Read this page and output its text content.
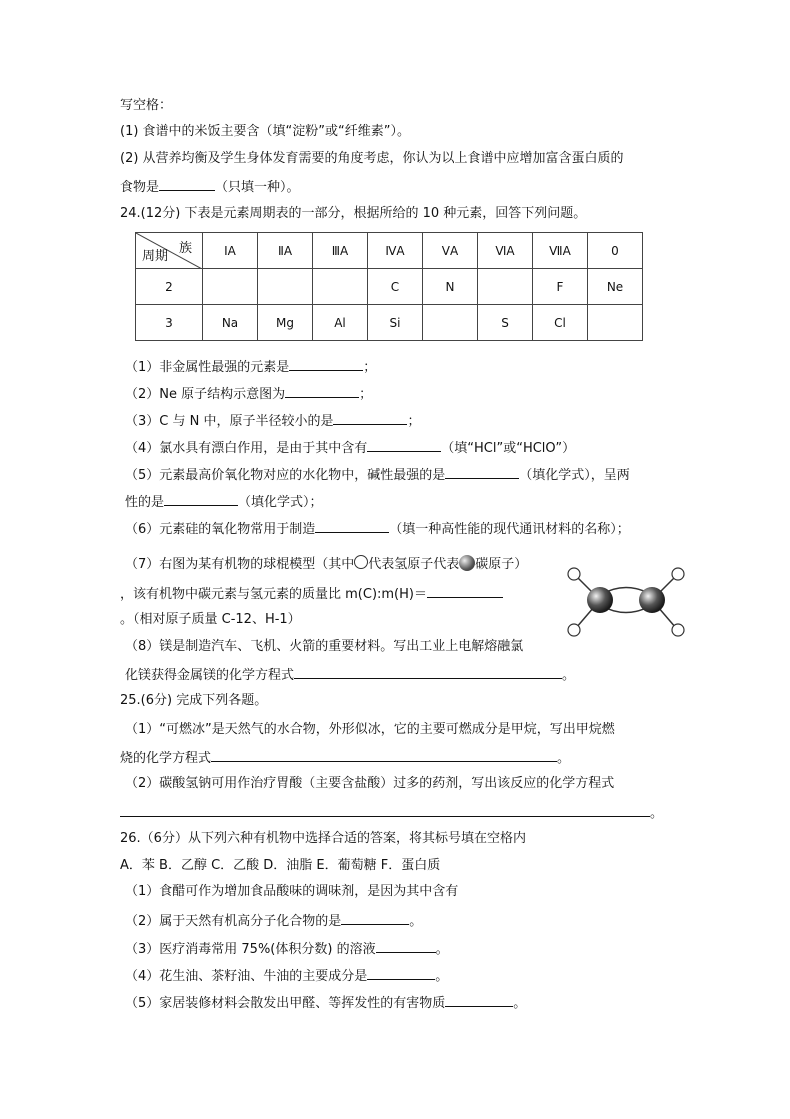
写空格：
(1) 食谱中的米饭主要含（填“淀粉”或“纤维素”）。
(2) 从营养均衡及学生身体发育需要的角度考虑，你认为以上食谱中应增加富含蛋白质的
食物是	（只填一种）。
24.(12分) 下表是元素周期表的一部分，根据所给的 10 种元素，回答下列问题。
族
周期	ⅠA	ⅡA	ⅢA	ⅣA	ⅤA	ⅥA	ⅦA	0
2				C	N		F	Ne
3	Na	Mg	Al	Si		S	Cl	
（1）非金属性最强的元素是	；
（2）Ne 原子结构示意图为	；
（3）C 与 N 中，原子半径较小的是	；
（4）氯水具有漂白作用，是由于其中含有	（填“HCl”或“HClO”）
（5）元素最高价氧化物对应的水化物中，碱性最强的是	（填化学式），呈两
性的是	（填化学式）；
（6）元素硅的氧化物常用于制造	（填一种高性能的现代通讯材料的名称）；
（7）右图为某有机物的球棍模型（其中 代表氢原子代表 碳原子）
，该有机物中碳元素与氢元素的质量比 m(C):m(H)＝
。（相对原子质量 C-12、H-1）
（8）镁是制造汽车、飞机、火箭的重要材料。写出工业上电解熔融氯
化镁获得金属镁的化学方程式	。
25.(6分) 完成下列各题。
（1）“可燃冰”是天然气的水合物，外形似冰，它的主要可燃成分是甲烷，写出甲烷燃
烧的化学方程式	。
（2）碳酸氢钠可用作治疗胃酸（主要含盐酸）过多的药剂，写出该反应的化学方程式
。
26.（6分）从下列六种有机物中选择合适的答案，将其标号填在空格内
A．苯 B．乙醇 C．乙酸 D．油脂 E．葡萄糖 F．蛋白质
（1）食醋可作为增加食品酸味的调味剂，是因为其中含有
（2）属于天然有机高分子化合物的是	。
（3）医疗消毒常用 75%(体积分数) 的溶液	。
（4）花生油、茶籽油、牛油的主要成分是	。
（5）家居装修材料会散发出甲醛、等挥发性的有害物质	。
